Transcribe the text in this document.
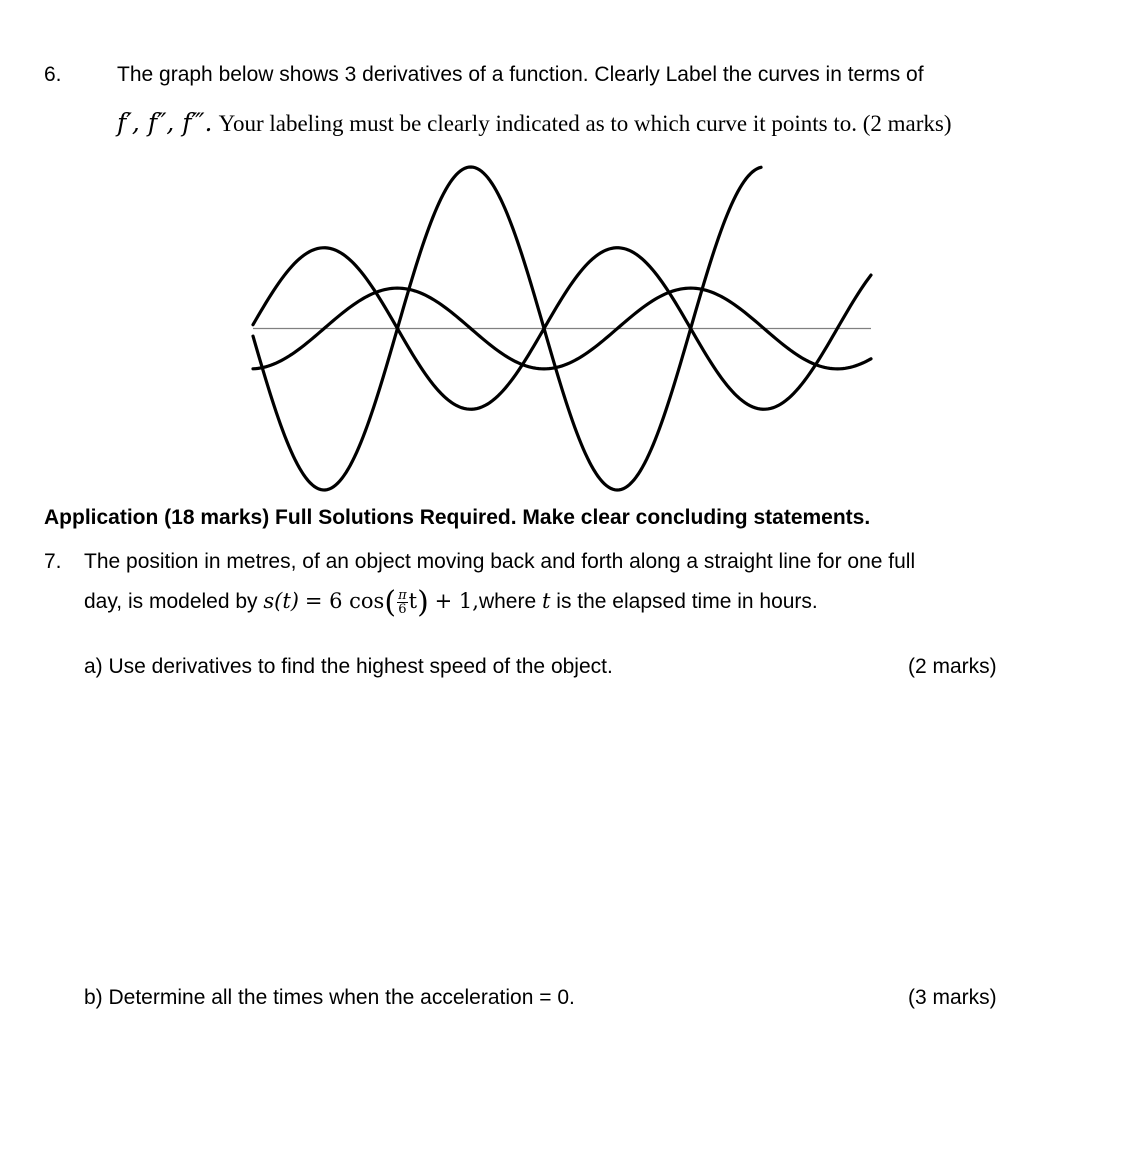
6.	The graph below shows 3 derivatives of a function. Clearly Label the curves in terms of
f′, f″, f‴. Your labeling must be clearly indicated as to which curve it points to. (2 marks)
Application (18 marks) Full Solutions Required. Make clear concluding statements.
7. The position in metres, of an object moving back and forth along a straight line for one full
day, is modeled by s(t) = 6 $\cos( \frac{\pi}{6} t)$ + 1,where t is the elapsed time in hours.
a) Use derivatives to find the highest speed of the object.	(2 marks)
b) Determine all the times when the acceleration = 0.	(3 marks)
